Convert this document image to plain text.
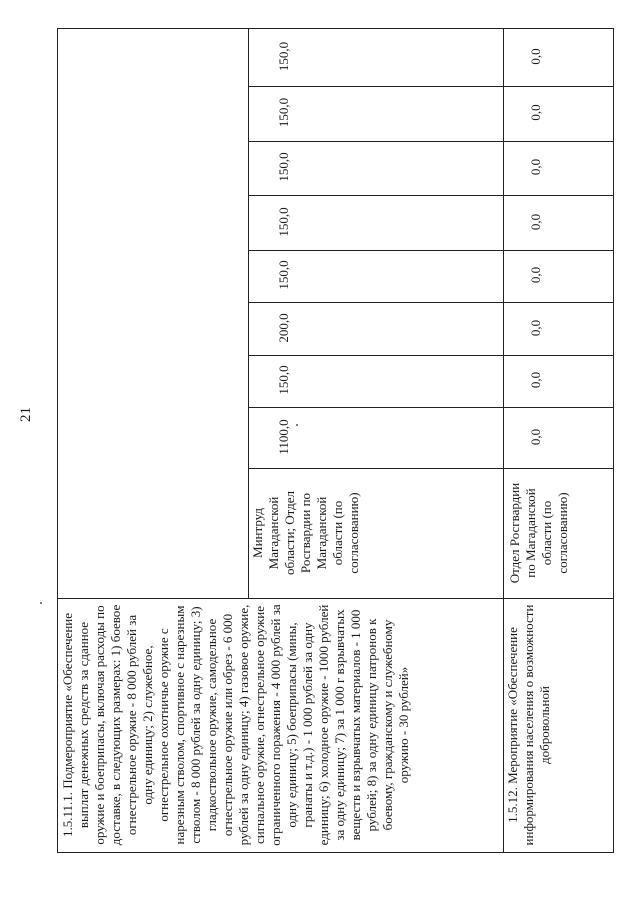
21
1.5.11.1. Подмероприятие «Обеспечение выплат денежных средств за сданное оружие и боеприпасы, включая расходы по доставке, в следующих размерах: 1) боевое огнестрельное оружие - 8 000 рублей за одну единицу; 2) служебное, огнестрельное охотничье оружие с нарезным стволом, спортивное с нарезным стволом - 8 000 рублей за одну единицу; 3) гладкоствольное оружие, самодельное огнестрельное оружие или обрез - 6 000 рублей за одну единицу; 4) газовое оружие, сигнальное оружие, огнестрельное оружие ограниченного поражения - 4 000 рублей за одну единицу; 5) боеприпасы (мины, гранаты и т.д.) - 1 000 рублей за одну единицу; 6) холодное оружие - 1000 рублей за одну единицу; 7) за 1 000 г взрывчатых веществ и взрывчатых материалов - 1 000 рублей; 8) за одну единицу патронов к боевому, гражданскому и служебному оружию - 30 рублей»
Минтруд Магаданской области; Отдел Росгвардии по Магаданской области (по согласованию)
1100,0
150,0
200,0
150,0
150,0
150,0
150,0
150,0
1.5.12. Мероприятие «Обеспечение информирования населения о возможности добровольной
Отдел Росгвардии по Магаданской области (по согласованию)
0,0
0,0
0,0
0,0
0,0
0,0
0,0
0,0
